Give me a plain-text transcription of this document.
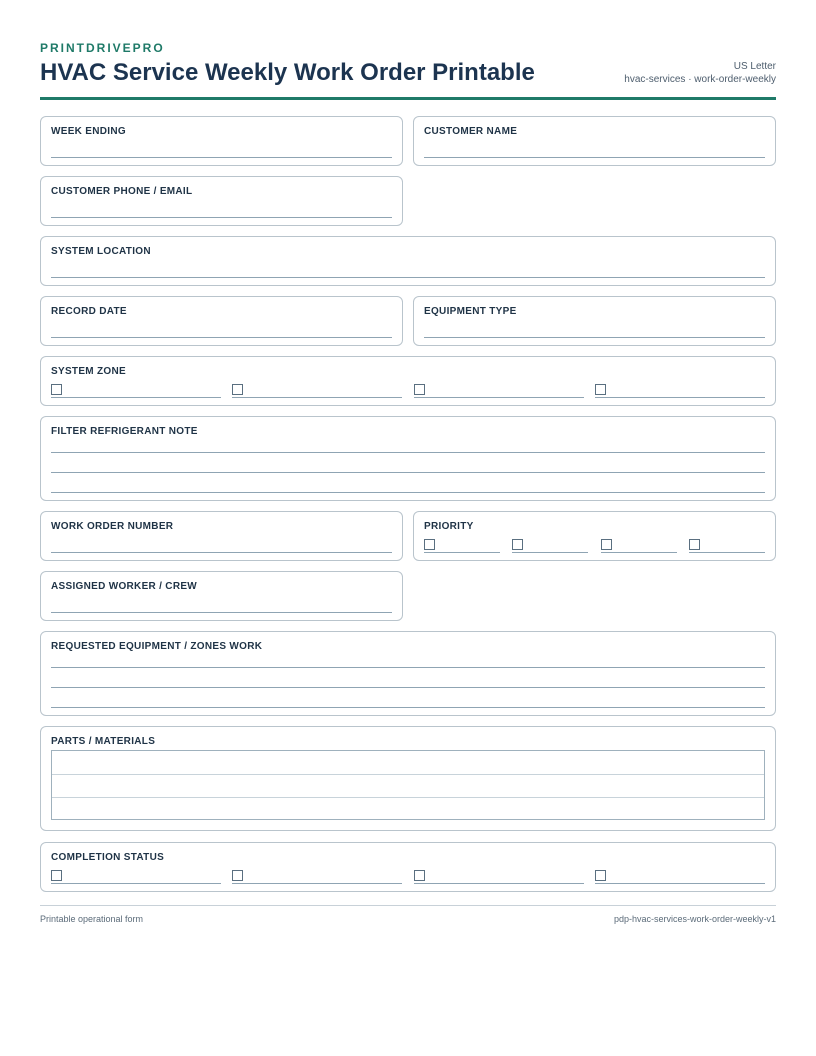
PRINTDRIVEPRO
HVAC Service Weekly Work Order Printable	US Letter
hvac-services · work-order-weekly
WEEK ENDING	CUSTOMER NAME
CUSTOMER PHONE / EMAIL
SYSTEM LOCATION
RECORD DATE	EQUIPMENT TYPE
SYSTEM ZONE
FILTER REFRIGERANT NOTE
WORK ORDER NUMBER	PRIORITY
ASSIGNED WORKER / CREW
REQUESTED EQUIPMENT / ZONES WORK
PARTS / MATERIALS
COMPLETION STATUS
Printable operational form	pdp-hvac-services-work-order-weekly-v1
